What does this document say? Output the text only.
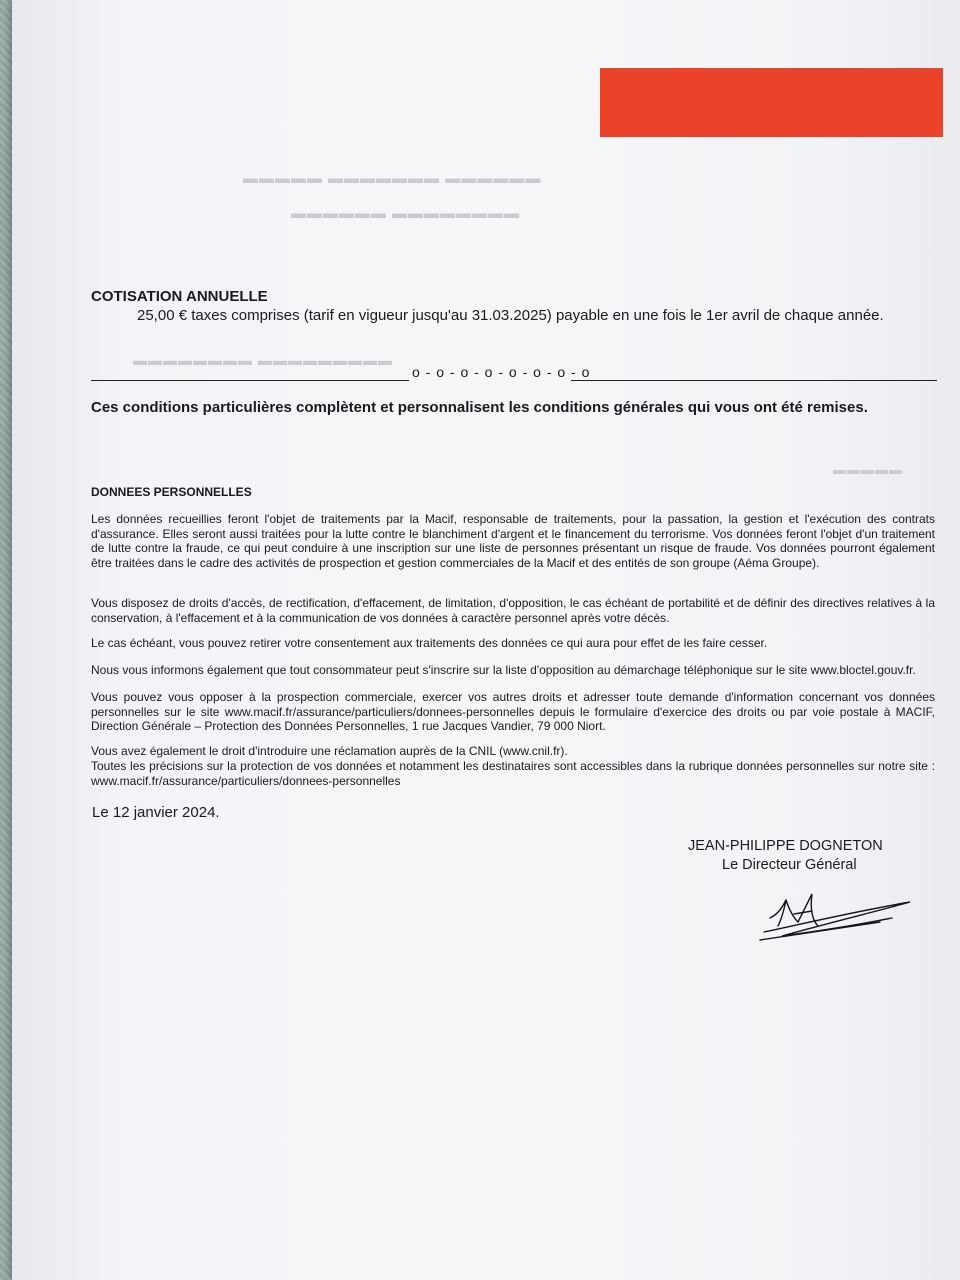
▬▬▬▬▬▬ ▬▬▬▬▬▬▬ ▬▬▬▬▬
▬▬▬▬▬▬▬▬ ▬▬▬▬▬▬
▬▬▬▬▬▬▬▬▬ ▬▬▬▬▬▬▬▬
▬▬▬▬▬
COTISATION ANNUELLE

25,00 € taxes comprises (tarif en vigueur jusqu'au 31.03.2025) payable en une fois le 1er avril de chaque année.

o - o - o - o - o - o - o - o

Ces conditions particulières complètent et personnalisent les conditions générales qui vous ont été remises.

DONNEES PERSONNELLES

Les données recueillies feront l'objet de traitements par la Macif, responsable de traitements, pour la passation, la gestion et l'exécution des contrats d'assurance. Elles seront aussi traitées pour la lutte contre le blanchiment d'argent et le financement du terrorisme. Vos données feront l'objet d'un traitement de lutte contre la fraude, ce qui peut conduire à une inscription sur une liste de personnes présentant un risque de fraude. Vos données pourront également être traitées dans le cadre des activités de prospection et gestion commerciales de la Macif et des entités de son groupe (Aéma Groupe).

Vous disposez de droits d'accès, de rectification, d'effacement, de limitation, d'opposition, le cas échéant de portabilité et de définir des directives relatives à la conservation, à l'effacement et à la communication de vos données à caractère personnel après votre décès.

Le cas échéant, vous pouvez retirer votre consentement aux traitements des données ce qui aura pour effet de les faire cesser.

Nous vous informons également que tout consommateur peut s'inscrire sur la liste d'opposition au démarchage téléphonique sur le site www.bloctel.gouv.fr.

Vous pouvez vous opposer à la prospection commerciale, exercer vos autres droits et adresser toute demande d'information concernant vos données personnelles sur le site www.macif.fr/assurance/particuliers/donnees-personnelles depuis le formulaire d'exercice des droits ou par voie postale à MACIF, Direction Générale – Protection des Données Personnelles, 1 rue Jacques Vandier, 79 000 Niort.

Vous avez également le droit d'introduire une réclamation auprès de la CNIL (www.cnil.fr).

Toutes les précisions sur la protection de vos données et notamment les destinataires sont accessibles dans la rubrique données personnelles sur notre site : www.macif.fr/assurance/particuliers/donnees-personnelles

Le 12 janvier 2024.

JEAN-PHILIPPE DOGNETON

Le Directeur Général
